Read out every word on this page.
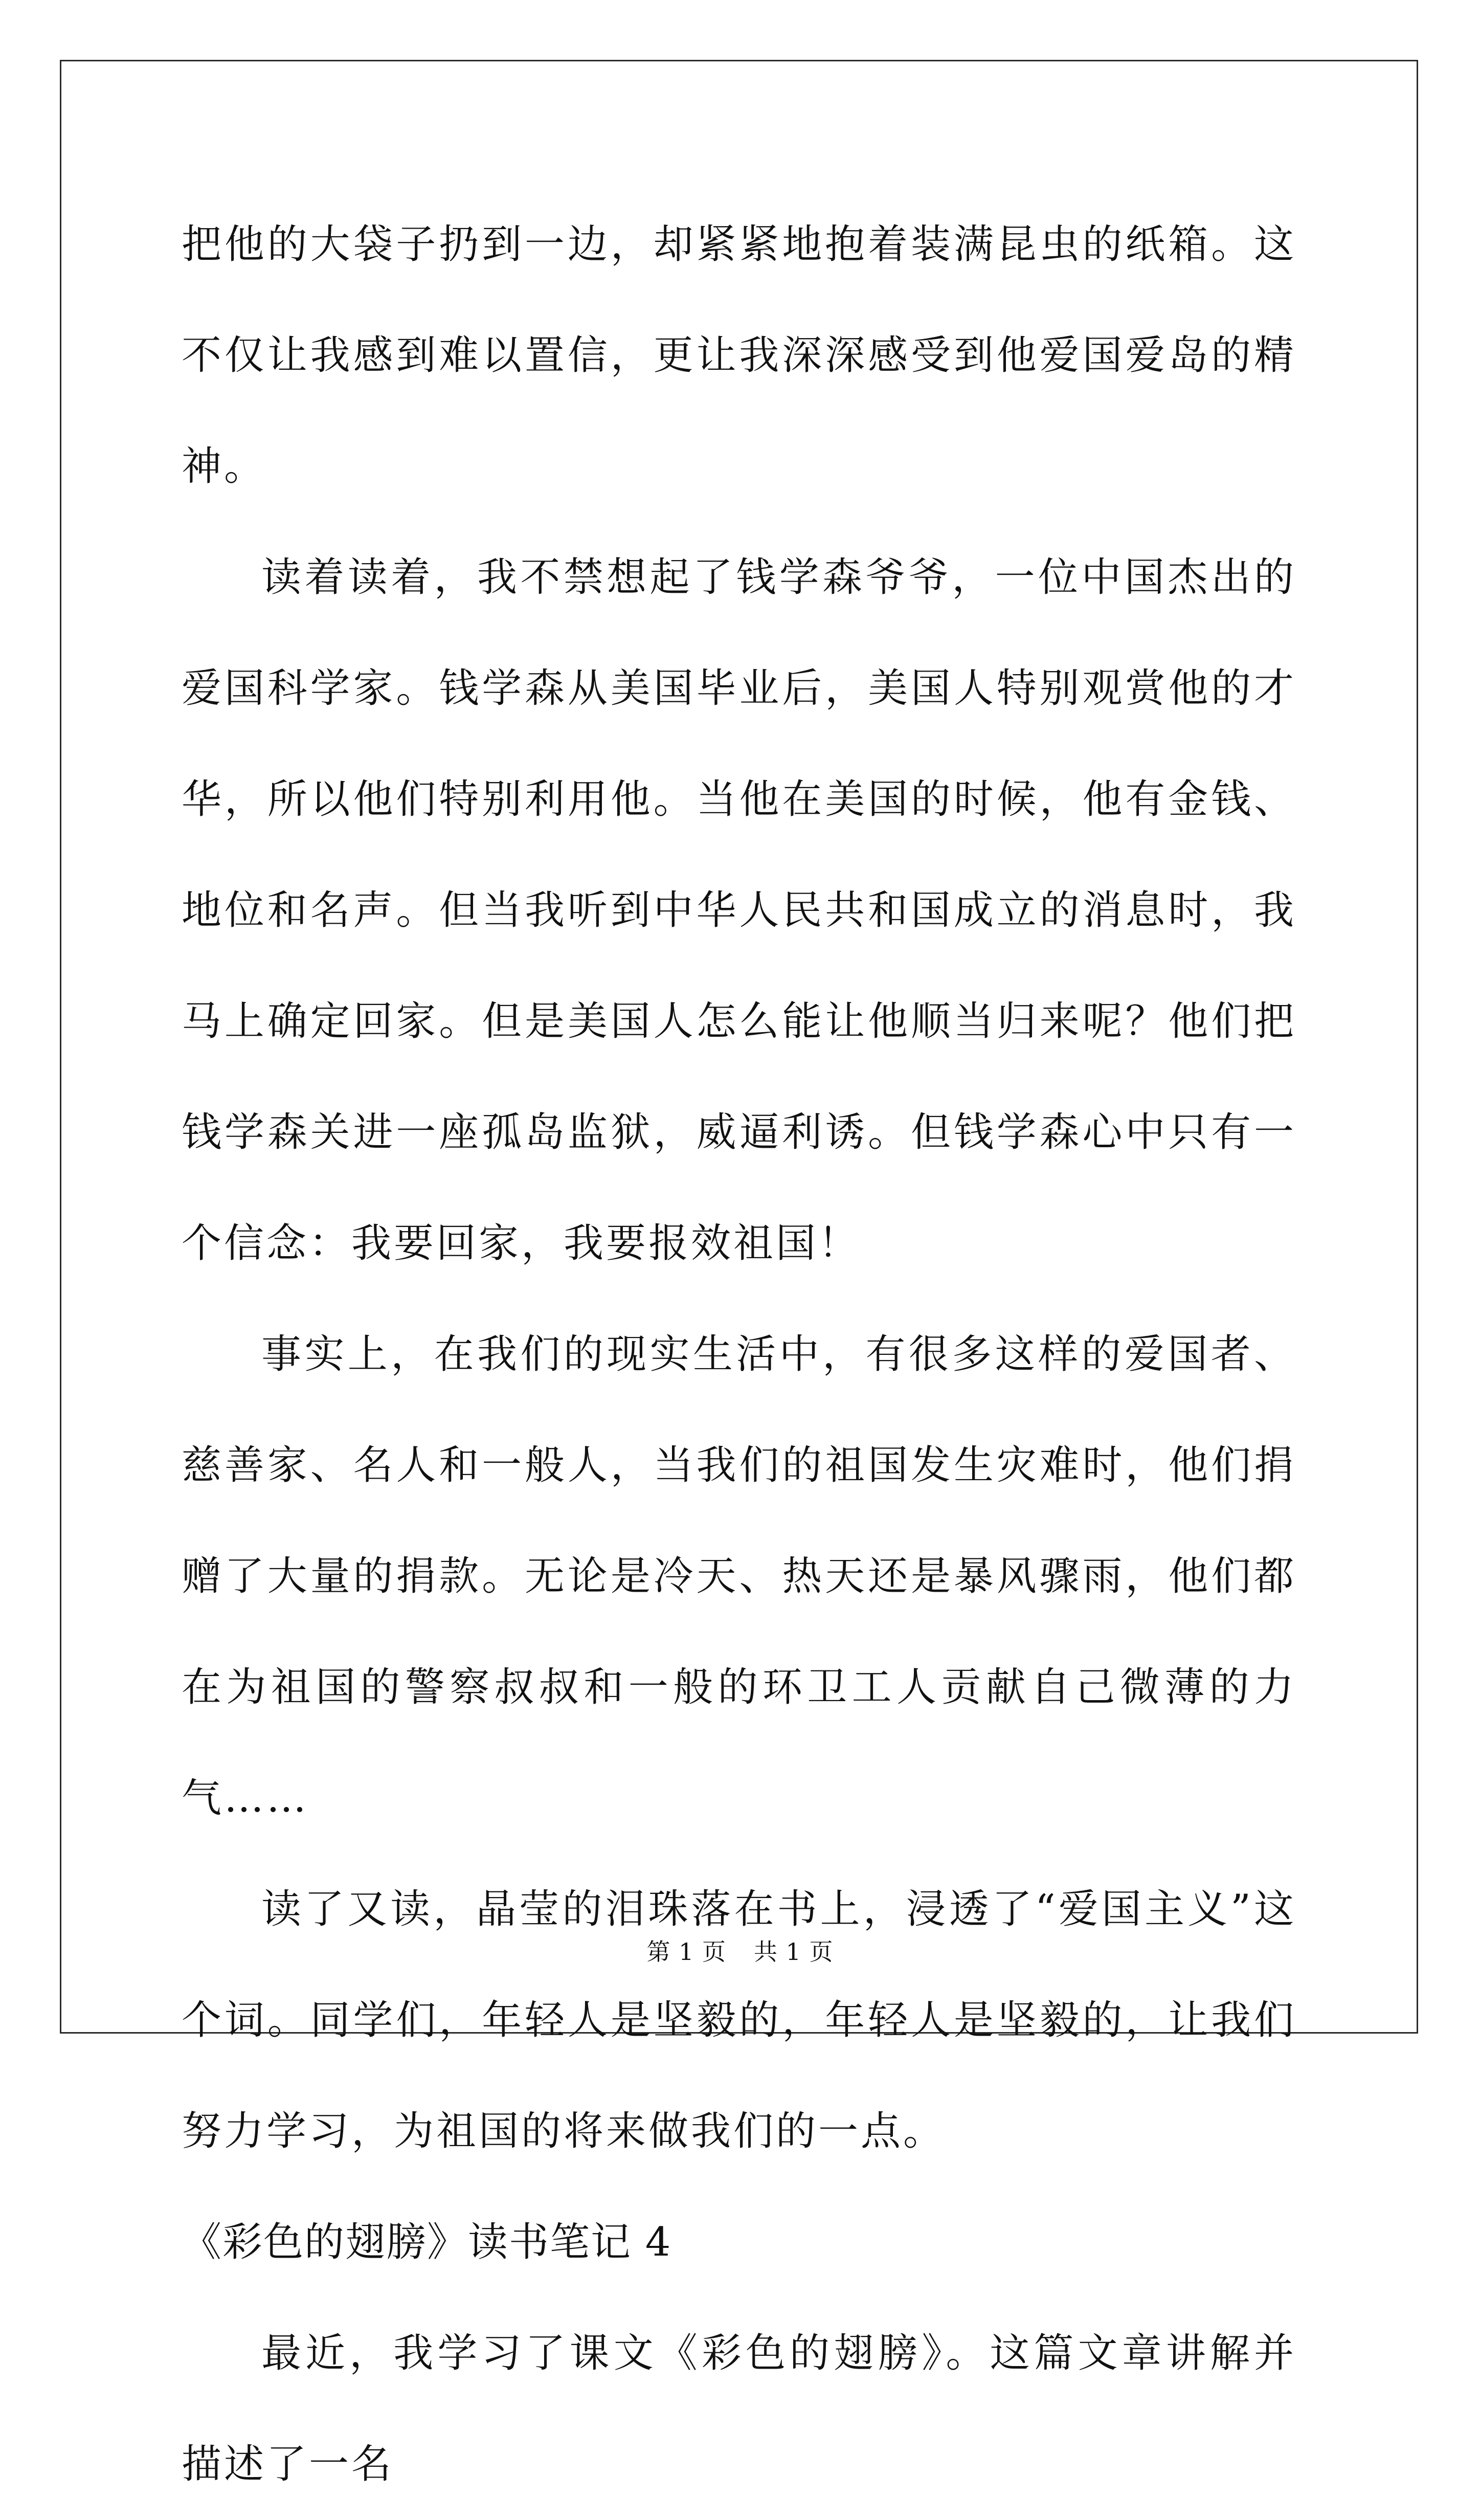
把他的大袋子扔到一边，却紧紧地抱着装满昆虫的纸箱。这不仅让我感到难以置信，更让我深深感受到他爱国爱岛的精神。

读着读着，我不禁想起了钱学森爷爷，一位中国杰出的爱国科学家。钱学森从美国毕业后，美国人特别观赏他的才华，所以他们特别利用他。当他在美国的时候，他有金钱、地位和名声。但当我听到中华人民共和国成立的消息时，我马上确定回家。但是美国人怎么能让他顺当归来呢？他们把钱学森关进一座孤岛监狱，威逼利诱。但钱学森心中只有一个信念：我要回家，我要报效祖国！

事实上，在我们的现实生活中，有很多这样的爱国者、慈善家、名人和一般人，当我们的祖国发生灾难时，他们捐赠了大量的捐款。无论是冷天、热天还是暴风骤雨，他们都在为祖国的警察叔叔和一般的环卫工人贡献自己微薄的力气……

读了又读，晶莹的泪珠落在书上，浸透了“爱国主义”这个词。同学们，年轻人是坚毅的，年轻人是坚毅的，让我们努力学习，为祖国的将来做我们的一点。

《彩色的翅膀》读书笔记 4

最近，我学习了课文《彩色的翅膀》。这篇文章讲解并描述了一名

第 1 页 共 1 页
